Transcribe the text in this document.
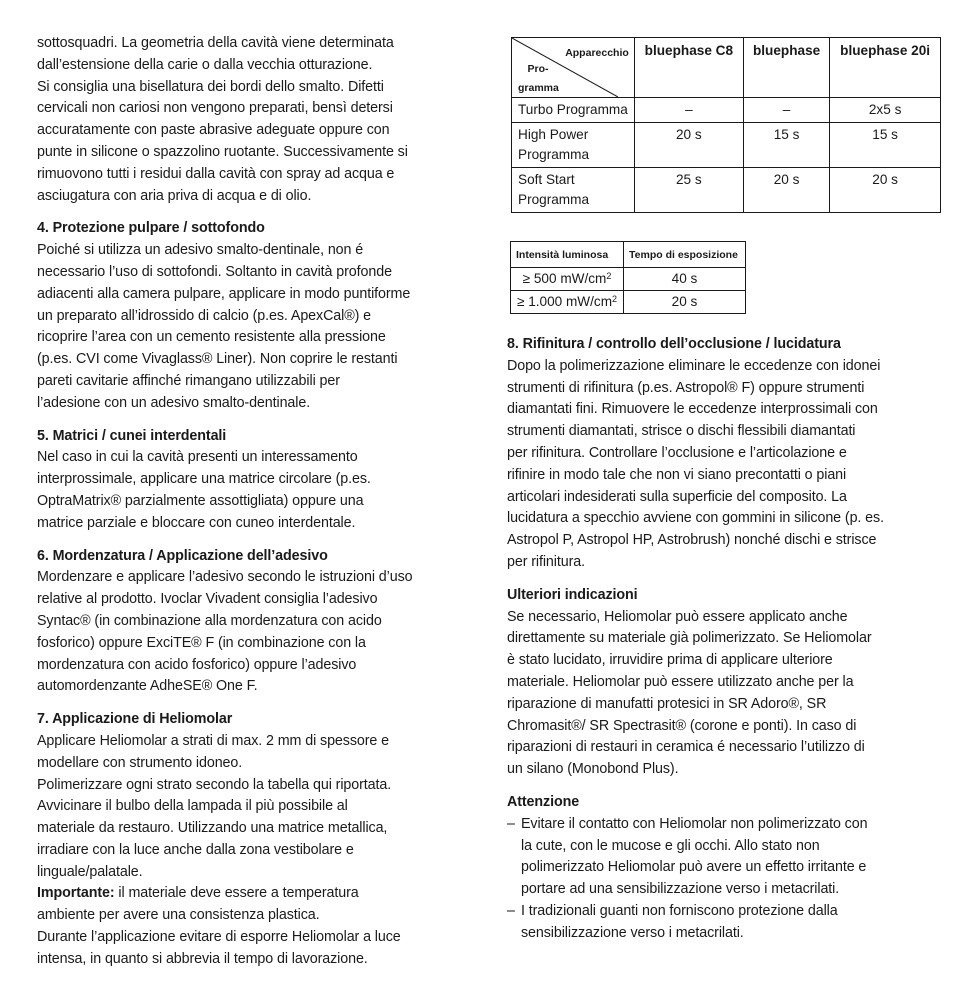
sottosquadri. La geometria della cavità viene determinata

dall’estensione della carie o dalla vecchia otturazione.

Si consiglia una bisellatura dei bordi dello smalto. Difetti

cervicali non cariosi non vengono preparati, bensì detersi

accuratamente con paste abrasive adeguate oppure con

punte in silicone o spazzolino ruotante. Successivamente si

rimuovono tutti i residui dalla cavità con spray ad acqua e

asciugatura con aria priva di acqua e di olio.

4. Protezione pulpare / sottofondo

Poiché si utilizza un adesivo smalto-dentinale, non é

necessario l’uso di sottofondi. Soltanto in cavità profonde

adiacenti alla camera pulpare, applicare in modo puntiforme

un preparato all’idrossido di calcio (p.es. ApexCal®) e

ricoprire l’area con un cemento resistente alla pressione

(p.es. CVI come Vivaglass® Liner). Non coprire le restanti

pareti cavitarie affinché rimangano utilizzabili per

l’adesione con un adesivo smalto-dentinale.

5. Matrici / cunei interdentali

Nel caso in cui la cavità presenti un interessamento

interprossimale, applicare una matrice circolare (p.es.

OptraMatrix® parzialmente assottigliata) oppure una

matrice parziale e bloccare con cuneo interdentale.

6. Mordenzatura / Applicazione dell’adesivo

Mordenzare e applicare l’adesivo secondo le istruzioni d’uso

relative al prodotto. Ivoclar Vivadent consiglia l’adesivo

Syntac® (in combinazione alla mordenzatura con acido

fosforico) oppure ExciTE® F (in combinazione con la

mordenzatura con acido fosforico) oppure l’adesivo

automordenzante AdheSE® One F.

7. Applicazione di Heliomolar

Applicare Heliomolar a strati di max. 2 mm di spessore e

modellare con strumento idoneo.

Polimerizzare ogni strato secondo la tabella qui riportata.

Avvicinare il bulbo della lampada il più possibile al

materiale da restauro. Utilizzando una matrice metallica,

irradiare con la luce anche dalla zona vestibolare e

linguale/palatale.

Importante: il materiale deve essere a temperatura

ambiente per avere una consistenza plastica.

Durante l’applicazione evitare di esporre Heliomolar a luce

intensa, in quanto si abbrevia il tempo di lavorazione.

Apparecchio
Pro-
gramma	bluephase C8	bluephase	bluephase 20i
Turbo Programma	–	–	2x5 s
High Power
Programma	20 s	15 s	15 s
Soft Start
Programma	25 s	20 s	20 s
Intensità luminosa	Tempo di esposizione
≥ 500 $mW/cm^2$	40 s
≥ 1.000 $mW/cm^2$	20 s
8. Rifinitura / controllo dell’occlusione / lucidatura

Dopo la polimerizzazione eliminare le eccedenze con idonei

strumenti di rifinitura (p.es. Astropol® F) oppure strumenti

diamantati fini. Rimuovere le eccedenze interprossimali con

strumenti diamantati, strisce o dischi flessibili diamantati

per rifinitura. Controllare l’occlusione e l’articolazione e

rifinire in modo tale che non vi siano precontatti o piani

articolari indesiderati sulla superficie del composito. La

lucidatura a specchio avviene con gommini in silicone (p. es.

Astropol P, Astropol HP, Astrobrush) nonché dischi e strisce

per rifinitura.

Ulteriori indicazioni

Se necessario, Heliomolar può essere applicato anche

direttamente su materiale già polimerizzato. Se Heliomolar

è stato lucidato, irruvidire prima di applicare ulteriore

materiale. Heliomolar può essere utilizzato anche per la

riparazione di manufatti protesici in SR Adoro®, SR

Chromasit®/ SR Spectrasit® (corone e ponti). In caso di

riparazioni di restauri in ceramica é necessario l’utilizzo di

un silano (Monobond Plus).

Attenzione
– Evitare il contatto con Heliomolar non polimerizzato con

la cute, con le mucose e gli occhi. Allo stato non

polimerizzato Heliomolar può avere un effetto irritante e

portare ad una sensibilizzazione verso i metacrilati.

– I tradizionali guanti non forniscono protezione dalla

sensibilizzazione verso i metacrilati.
